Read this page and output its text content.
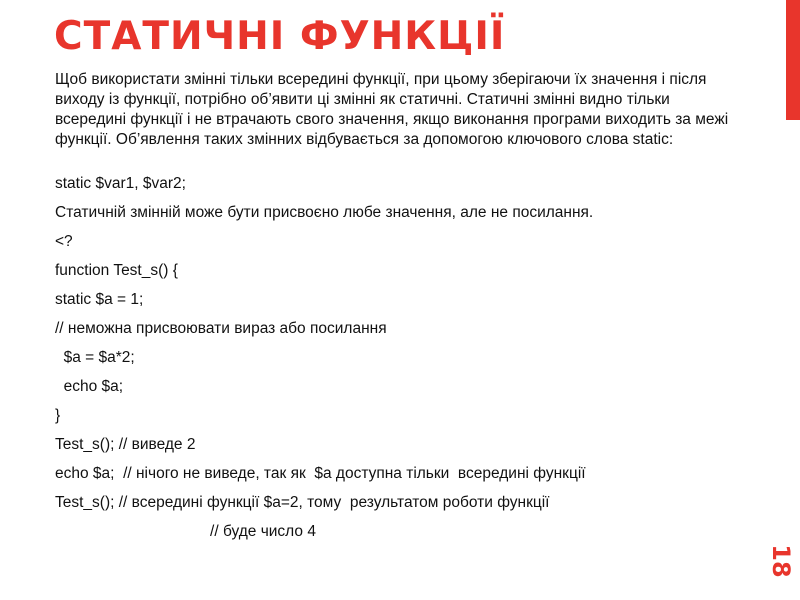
СТАТИЧНІ ФУНКЦІЇ

Щоб використати змінні тільки всередині функції, при цьому зберігаючи їх значення і після виходу із функції, потрібно об’явити ці змінні як статичні. Статичні змінні видно тільки всередині функції і не втрачають свого значення, якщо виконання програми виходить за межі функції. Об’явлення таких змінних відбувається за допомогою ключового слова static:

static $var1, $var2;
Статичній змінній може бути присвоєно любе значення, але не посилання.
<?
function Test_s() {
static $a = 1;
// неможна присвоювати вираз або посилання
$a = $a*2;
echo $a;
}
Test_s(); // виведе 2
echo $a;  // нічого не виведе, так як  $a доступна тільки  всередині функції
Test_s(); // всередині функції $a=2, тому  результатом роботи функції
// буде число 4
18
